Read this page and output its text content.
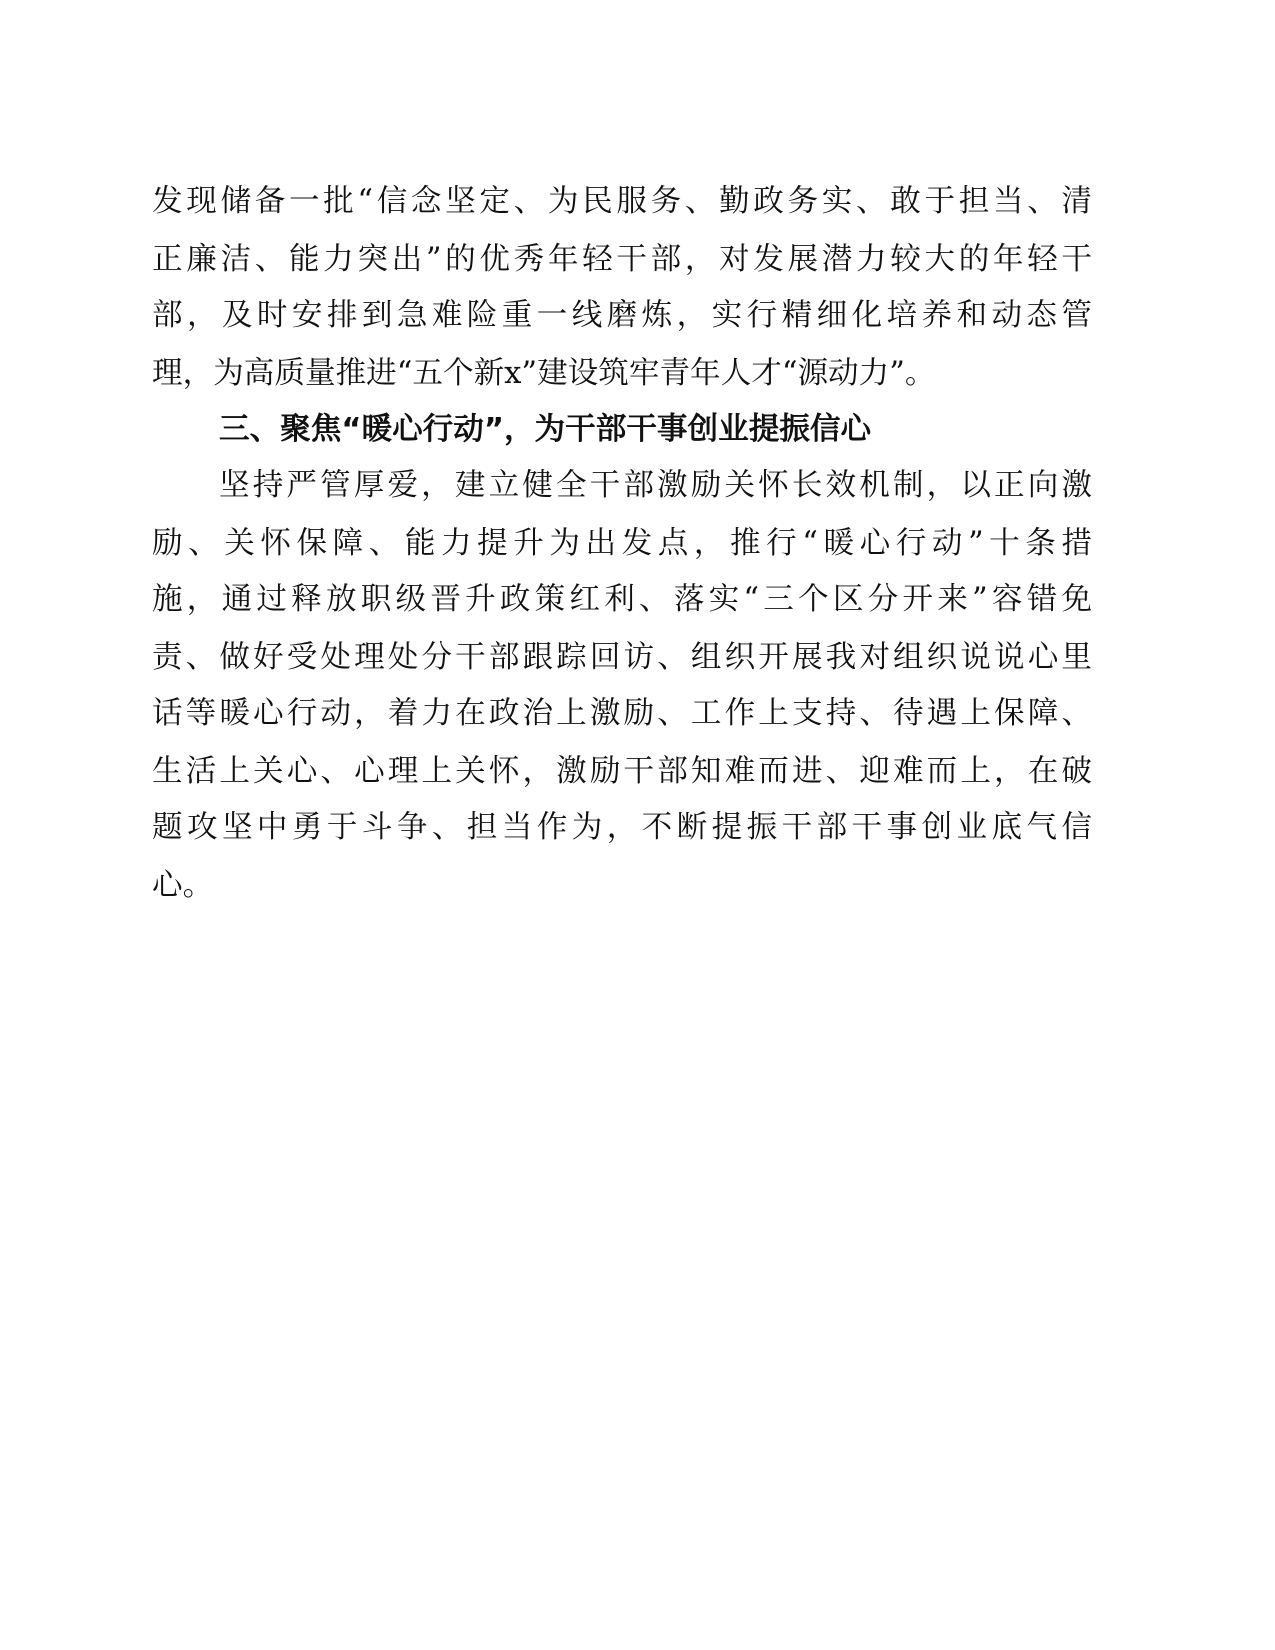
发现储备一批“信念坚定、为民服务、勤政务实、敢于担当、清
正廉洁、能力突出”的优秀年轻干部，对发展潜力较大的年轻干
部，及时安排到急难险重一线磨炼，实行精细化培养和动态管
理，为高质量推进“五个新x”建设筑牢青年人才“源动力”。
三、聚焦“暖心行动”，为干部干事创业提振信心
坚持严管厚爱，建立健全干部激励关怀长效机制，以正向激
励、关怀保障、能力提升为出发点，推行“暖心行动”十条措
施，通过释放职级晋升政策红利、落实“三个区分开来”容错免
责、做好受处理处分干部跟踪回访、组织开展我对组织说说心里
话等暖心行动，着力在政治上激励、工作上支持、待遇上保障、
生活上关心、心理上关怀，激励干部知难而进、迎难而上，在破
题攻坚中勇于斗争、担当作为，不断提振干部干事创业底气信
心。
